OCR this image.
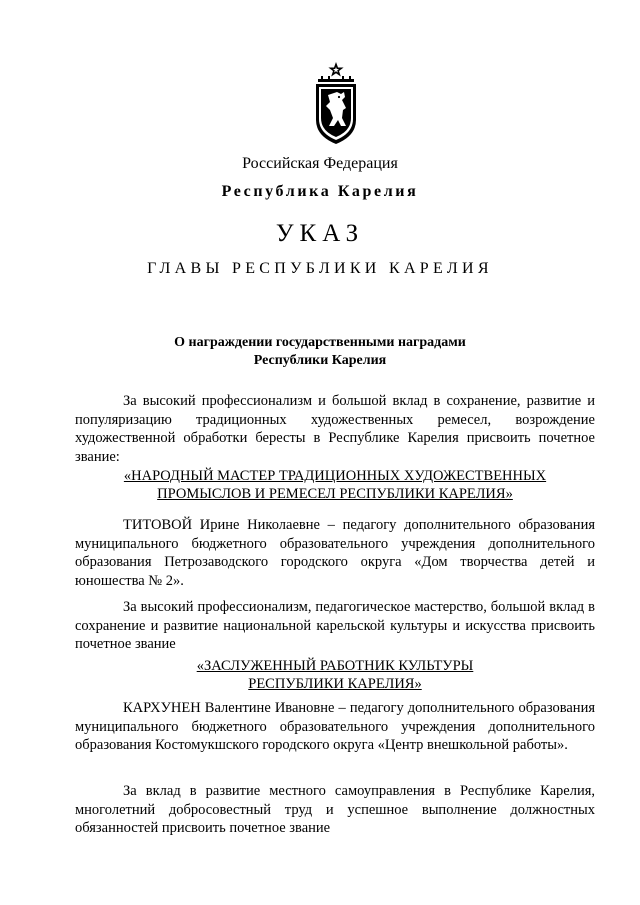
Российская Федерация
Республика Карелия
УКАЗ
ГЛАВЫ РЕСПУБЛИКИ КАРЕЛИЯ
О награждении государственными наградами
Республики Карелия

За высокий профессионализм и большой вклад в сохранение, развитие и популяризацию традиционных художественных ремесел, возрождение художественной обработки бересты в Республике Карелия присвоить почетное звание:

«НАРОДНЫЙ МАСТЕР ТРАДИЦИОННЫХ ХУДОЖЕСТВЕННЫХ
ПРОМЫСЛОВ И РЕМЕСЕЛ РЕСПУБЛИКИ КАРЕЛИЯ»

ТИТОВОЙ Ирине Николаевне – педагогу дополнительного образования муниципального бюджетного образовательного учреждения дополнительного образования Петрозаводского городского округа «Дом творчества детей и юношества № 2».

За высокий профессионализм, педагогическое мастерство, большой вклад в сохранение и развитие национальной карельской культуры и искусства присвоить почетное звание

«ЗАСЛУЖЕННЫЙ РАБОТНИК КУЛЬТУРЫ
РЕСПУБЛИКИ КАРЕЛИЯ»

КАРХУНЕН Валентине Ивановне – педагогу дополнительного образования муниципального бюджетного образовательного учреждения дополнительного образования Костомукшского городского округа «Центр внешкольной работы».

За вклад в развитие местного самоуправления в Республике Карелия, многолетний добросовестный труд и успешное выполнение должностных обязанностей присвоить почетное звание
